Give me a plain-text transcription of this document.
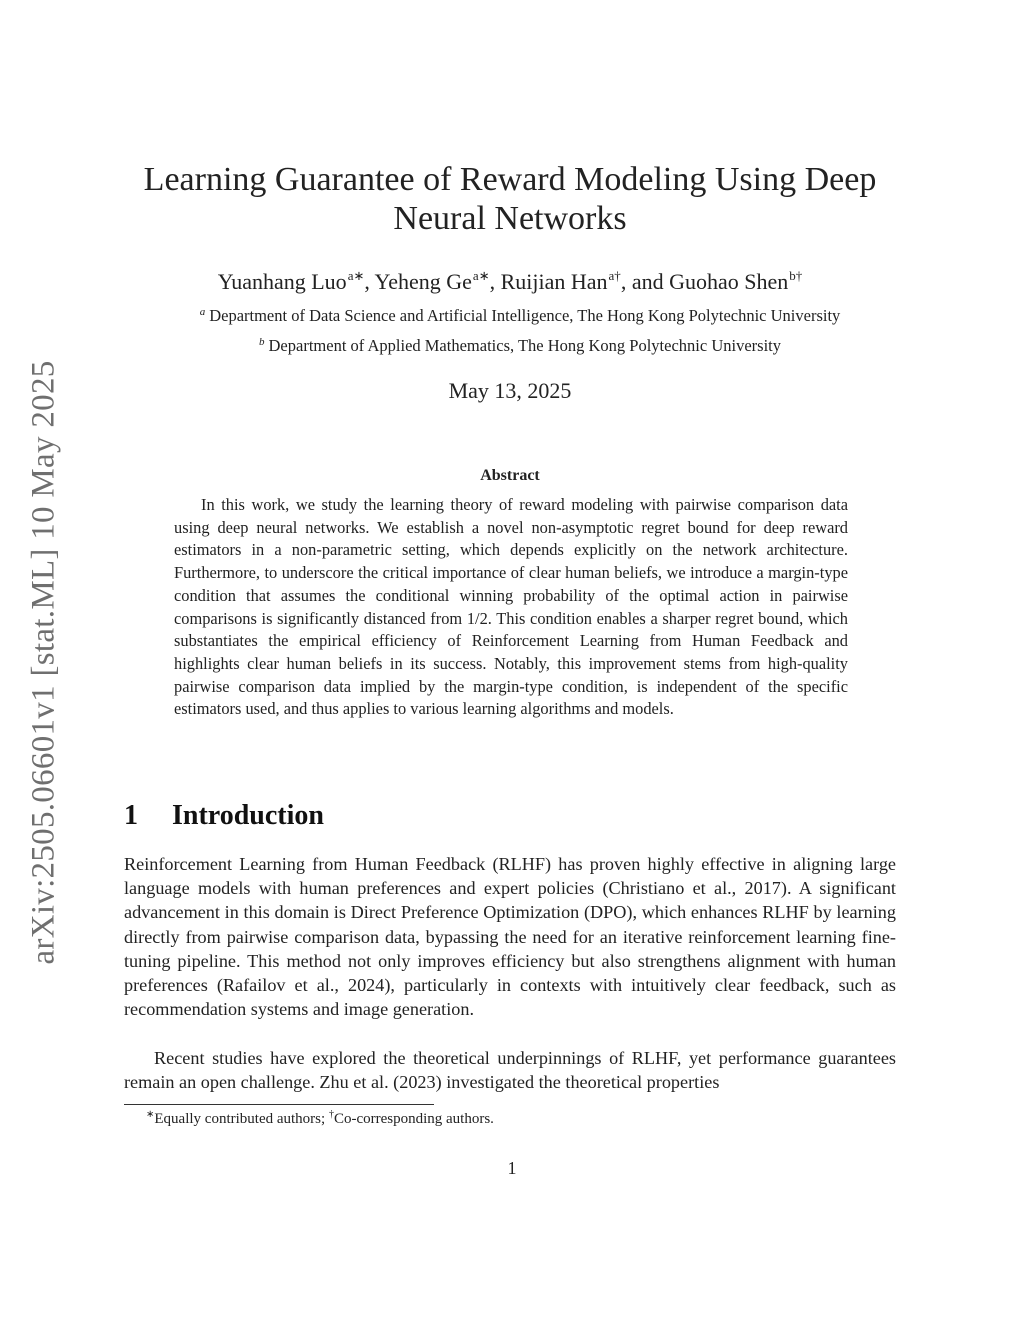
arXiv:2505.06601v1 [stat.ML] 10 May 2025
Learning Guarantee of Reward Modeling Using Deep
Neural Networks
Yuanhang Luo$^{a∗}$, Yeheng $Ge^{a∗}$, Ruijian Han$^{a\dagger}$, and Guohao Shen$^{b\dagger}$
$^a$ Department of Data Science and Artificial Intelligence, The Hong Kong Polytechnic University
$^b$ Department of Applied Mathematics, The Hong Kong Polytechnic University
May 13, 2025
Abstract

In this work, we study the learning theory of reward modeling with pairwise comparison data using deep neural networks. We establish a novel non-asymptotic regret bound for deep reward estimators in a non-parametric setting, which depends explicitly on the network architecture. Furthermore, to underscore the critical importance of clear human beliefs, we introduce a margin-type condition that assumes the conditional winning probability of the optimal action in pairwise comparisons is significantly distanced from 1/2. This condition enables a sharper regret bound, which substantiates the empirical efficiency of Reinforcement Learning from Human Feedback and highlights clear human beliefs in its success. Notably, this improvement stems from high-quality pairwise comparison data implied by the margin-type condition, is independent of the specific estimators used, and thus applies to various learning algorithms and models.

1 Introduction

Reinforcement Learning from Human Feedback (RLHF) has proven highly effective in aligning large language models with human preferences and expert policies (Christiano et al., 2017). A significant advancement in this domain is Direct Preference Optimization (DPO), which enhances RLHF by learning directly from pairwise comparison data, bypassing the need for an iterative reinforcement learning fine-tuning pipeline. This method not only improves efficiency but also strengthens alignment with human preferences (Rafailov et al., 2024), particularly in contexts with intuitively clear feedback, such as recommendation systems and image generation.

Recent studies have explored the theoretical underpinnings of RLHF, yet performance guarantees remain an open challenge. Zhu et al. (2023) investigated the theoretical properties

∗Equally contributed authors; †Co-corresponding authors.
1
